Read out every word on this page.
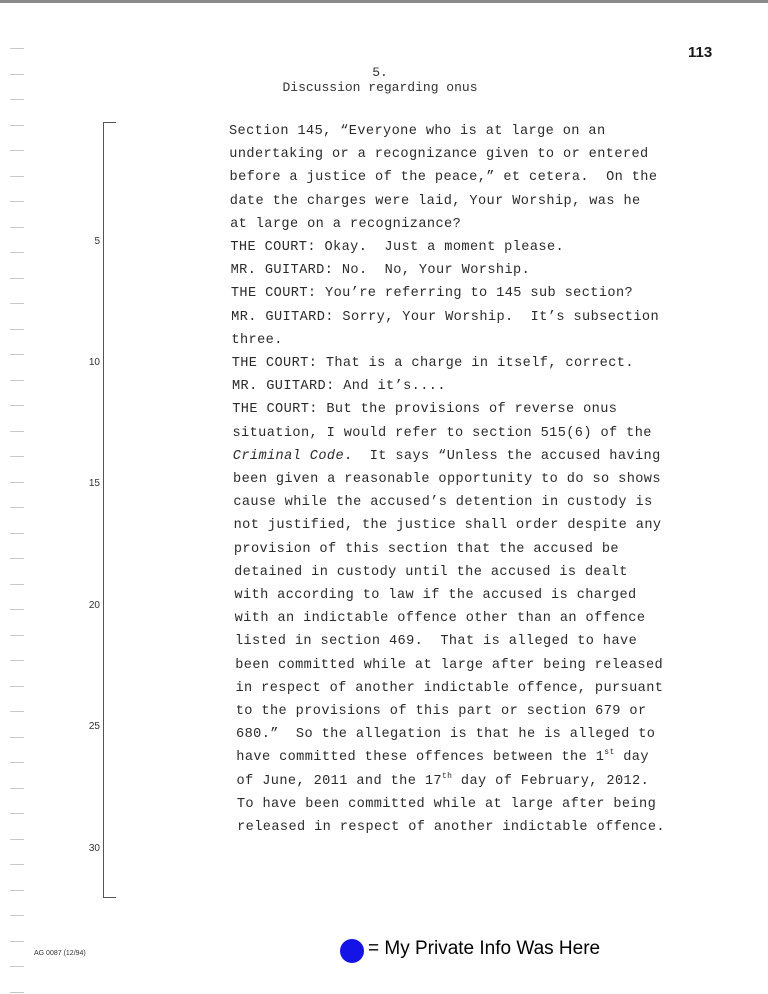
113
5.
Discussion regarding onus
5
10
15
20
25
30
Section 145, “Everyone who is at large on an
undertaking or a recognizance given to or entered
before a justice of the peace,” et cetera.  On the
date the charges were laid, Your Worship, was he
at large on a recognizance?
THE COURT: Okay.  Just a moment please.
MR. GUITARD: No.  No, Your Worship.
THE COURT: You’re referring to 145 sub section?
MR. GUITARD: Sorry, Your Worship.  It’s subsection
three.
THE COURT: That is a charge in itself, correct.
MR. GUITARD: And it’s....
THE COURT: But the provisions of reverse onus
situation, I would refer to section 515(6) of the
Criminal Code.  It says “Unless the accused having
been given a reasonable opportunity to do so shows
cause while the accused’s detention in custody is
not justified, the justice shall order despite any
provision of this section that the accused be
detained in custody until the accused is dealt
with according to law if the accused is charged
with an indictable offence other than an offence
listed in section 469.  That is alleged to have
been committed while at large after being released
in respect of another indictable offence, pursuant
to the provisions of this part or section 679 or
680.”  So the allegation is that he is alleged to
have committed these offences between the 1st day
of June, 2011 and the 17th day of February, 2012.
To have been committed while at large after being
released in respect of another indictable offence.
AG 0087 (12/94)	= My Private Info Was Here
